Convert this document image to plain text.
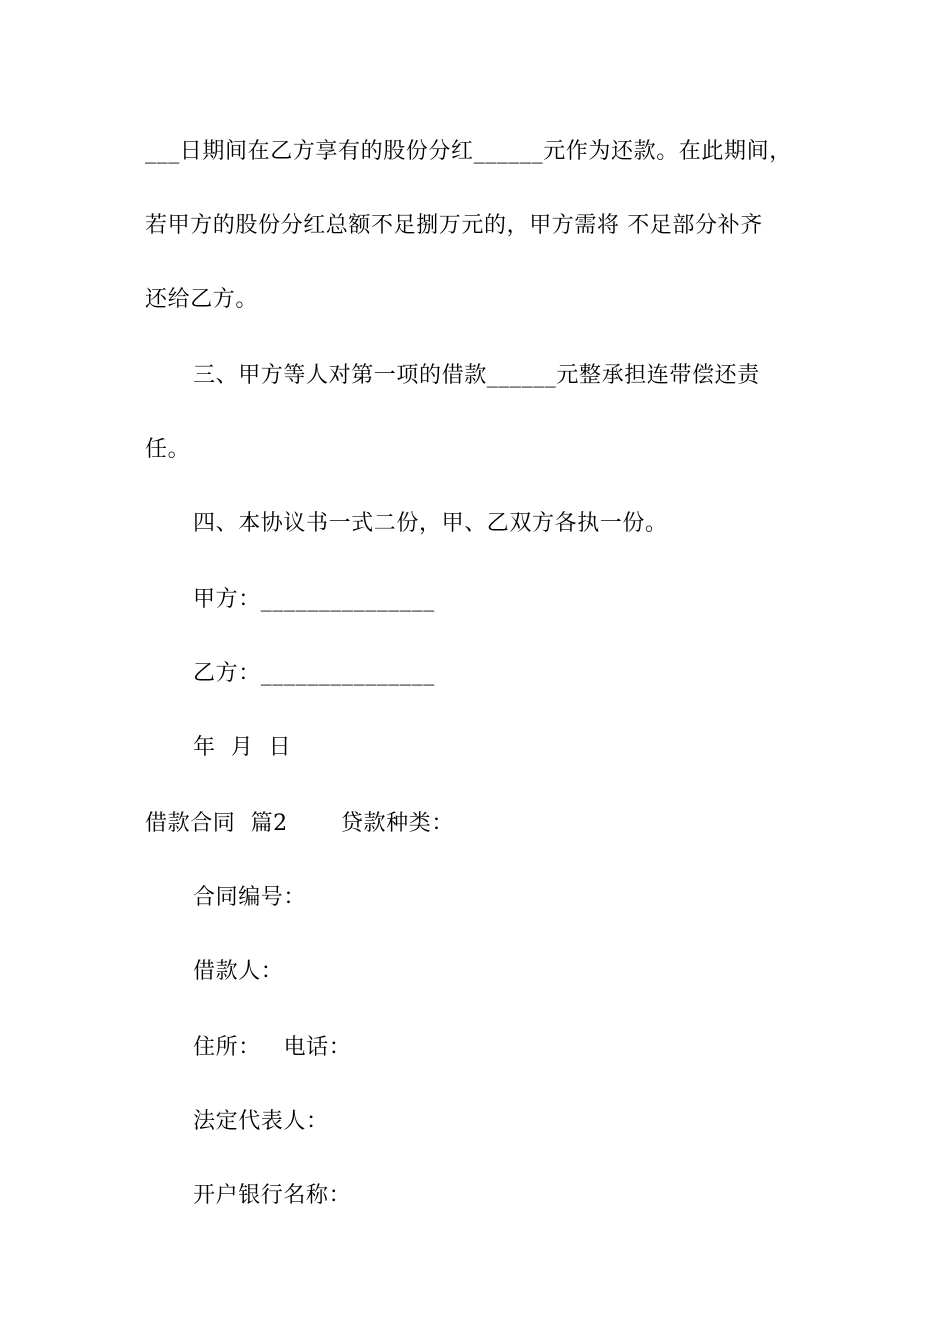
___日期间在乙方享有的股份分红______元作为还款。在此期间，
若甲方的股份分红总额不足捌万元的，甲方需将 不足部分补齐
还给乙方。
三、甲方等人对第一项的借款______元整承担连带偿还责
任。
四、本协议书一式二份，甲、乙双方各执一份。
甲方：_______________
乙方：_______________
年  月  日
借款合同  篇2       贷款种类：
合同编号：
借款人：
住所：   电话：
法定代表人：
开户银行名称：
